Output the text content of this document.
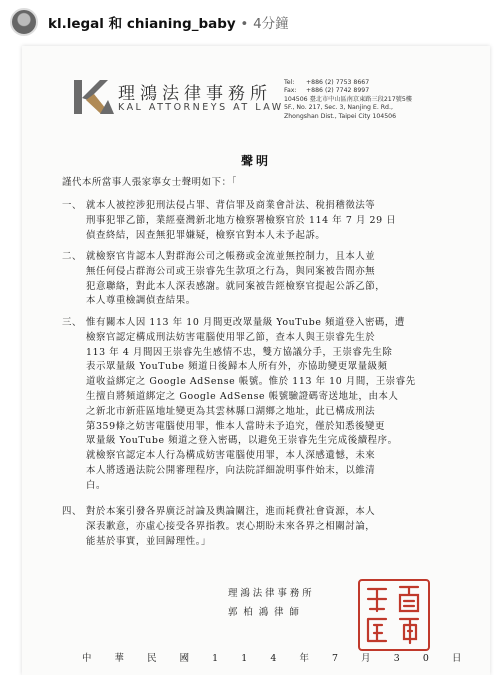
kl.legal 和 chianing_baby • 4分鐘
理鴻法律事務所
KAL ATTORNEYS AT LAW
Tel: +886 (2) 7753 8667
Fax: +886 (2) 7742 8997
104506 臺北市中山區南京東路三段217號5樓
5F., No. 217, Sec. 3, Nanjing E. Rd.,
Zhongshan Dist., Taipei City 104506
聲明
謹代本所當事人張家寧女士聲明如下：「
一、 就本人被控涉犯刑法侵占罪、背信罪及商業會計法、稅捐稽徵法等
刑事犯罪乙節，業經臺灣新北地方檢察署檢察官於 114 年 7 月 29 日
偵查終結，因查無犯罪嫌疑，檢察官對本人未予起訴。
二、 就檢察官肯認本人對群海公司之帳務或金流並無控制力，且本人並
無任何侵占群海公司或王崇睿先生款項之行為，與同案被告間亦無
犯意聯絡，對此本人深表感謝。就同案被告經檢察官提起公訴乙節，
本人尊重檢調偵查結果。
三、 惟有關本人因 113 年 10 月間更改眾量級 YouTube 頻道登入密碼，遭
檢察官認定構成刑法妨害電腦使用罪乙節，查本人與王崇睿先生於
113 年 4 月間因王崇睿先生感情不忠，雙方協議分手，王崇睿先生除
表示眾量級 YouTube 頻道日後歸本人所有外，亦協助變更眾量級頻
道收益綁定之 Google AdSense 帳號。惟於 113 年 10 月間，王崇睿先
生擅自將頻道綁定之 Google AdSense 帳號驗證碼寄送地址，由本人
之新北市新莊區地址變更為其雲林縣口湖鄉之地址，此已構成刑法
第359條之妨害電腦使用罪，惟本人當時未予追究，僅於知悉後變更
眾量級 YouTube 頻道之登入密碼，以避免王崇睿先生完成後續程序。
就檢察官認定本人行為構成妨害電腦使用罪，本人深感遺憾，未來
本人將透過法院公開審理程序，向法院詳細說明事件始末，以維清
白。
四、 對於本案引發各界廣泛討論及輿論關注，進而耗費社會資源，本人
深表歉意，亦虛心接受各界指教。衷心期盼未來各界之相關討論，
能基於事實，並回歸理性。」
理鴻法律事務所
郭柏鴻律師
中 華 民 國 1 1 4 年 7 月 3 0 日
